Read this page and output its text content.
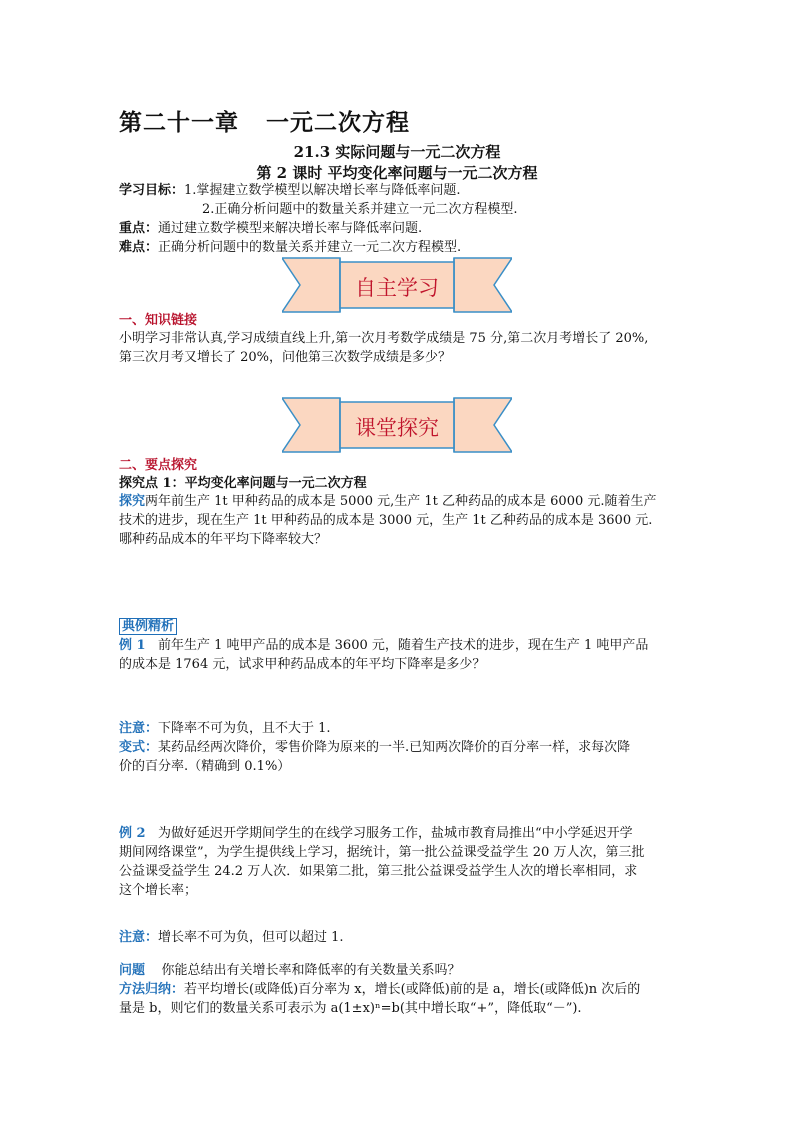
第二十一章   一元二次方程
21.3 实际问题与一元二次方程
第 2 课时 平均变化率问题与一元二次方程
学习目标：1.掌握建立数学模型以解决增长率与降低率问题.
2.正确分析问题中的数量关系并建立一元二次方程模型.
重点：通过建立数学模型来解决增长率与降低率问题.
难点：正确分析问题中的数量关系并建立一元二次方程模型.
自主学习
一、知识链接
小明学习非常认真,学习成绩直线上升,第一次月考数学成绩是 75 分,第二次月考增长了 20%,
第三次月考又增长了 20%，问他第三次数学成绩是多少？
课堂探究
二、要点探究
探究点 1：平均变化率问题与一元二次方程
探究两年前生产 1t 甲种药品的成本是 5000 元,生产 1t 乙种药品的成本是 6000 元.随着生产
技术的进步，现在生产 1t 甲种药品的成本是 3000 元，生产 1t 乙种药品的成本是 3600 元.
哪种药品成本的年平均下降率较大？
典例精析
例 1 前年生产 1 吨甲产品的成本是 3600 元，随着生产技术的进步，现在生产 1 吨甲产品
的成本是 1764 元，试求甲种药品成本的年平均下降率是多少？
注意：下降率不可为负，且不大于 1.
变式：某药品经两次降价，零售价降为原来的一半.已知两次降价的百分率一样，求每次降
价的百分率.（精确到 0.1%）
例 2 为做好延迟开学期间学生的在线学习服务工作，盐城市教育局推出“中小学延迟开学
期间网络课堂”，为学生提供线上学习，据统计，第一批公益课受益学生 20 万人次，第三批
公益课受益学生 24.2 万人次．如果第二批，第三批公益课受益学生人次的增长率相同，求
这个增长率；
注意：增长率不可为负，但可以超过 1.
问题 你能总结出有关增长率和降低率的有关数量关系吗？
方法归纳：若平均增长(或降低)百分率为 x，增长(或降低)前的是 a，增长(或降低)n 次后的
量是 b，则它们的数量关系可表示为 a(1±x)ⁿ=b(其中增长取“+”，降低取“－”).
